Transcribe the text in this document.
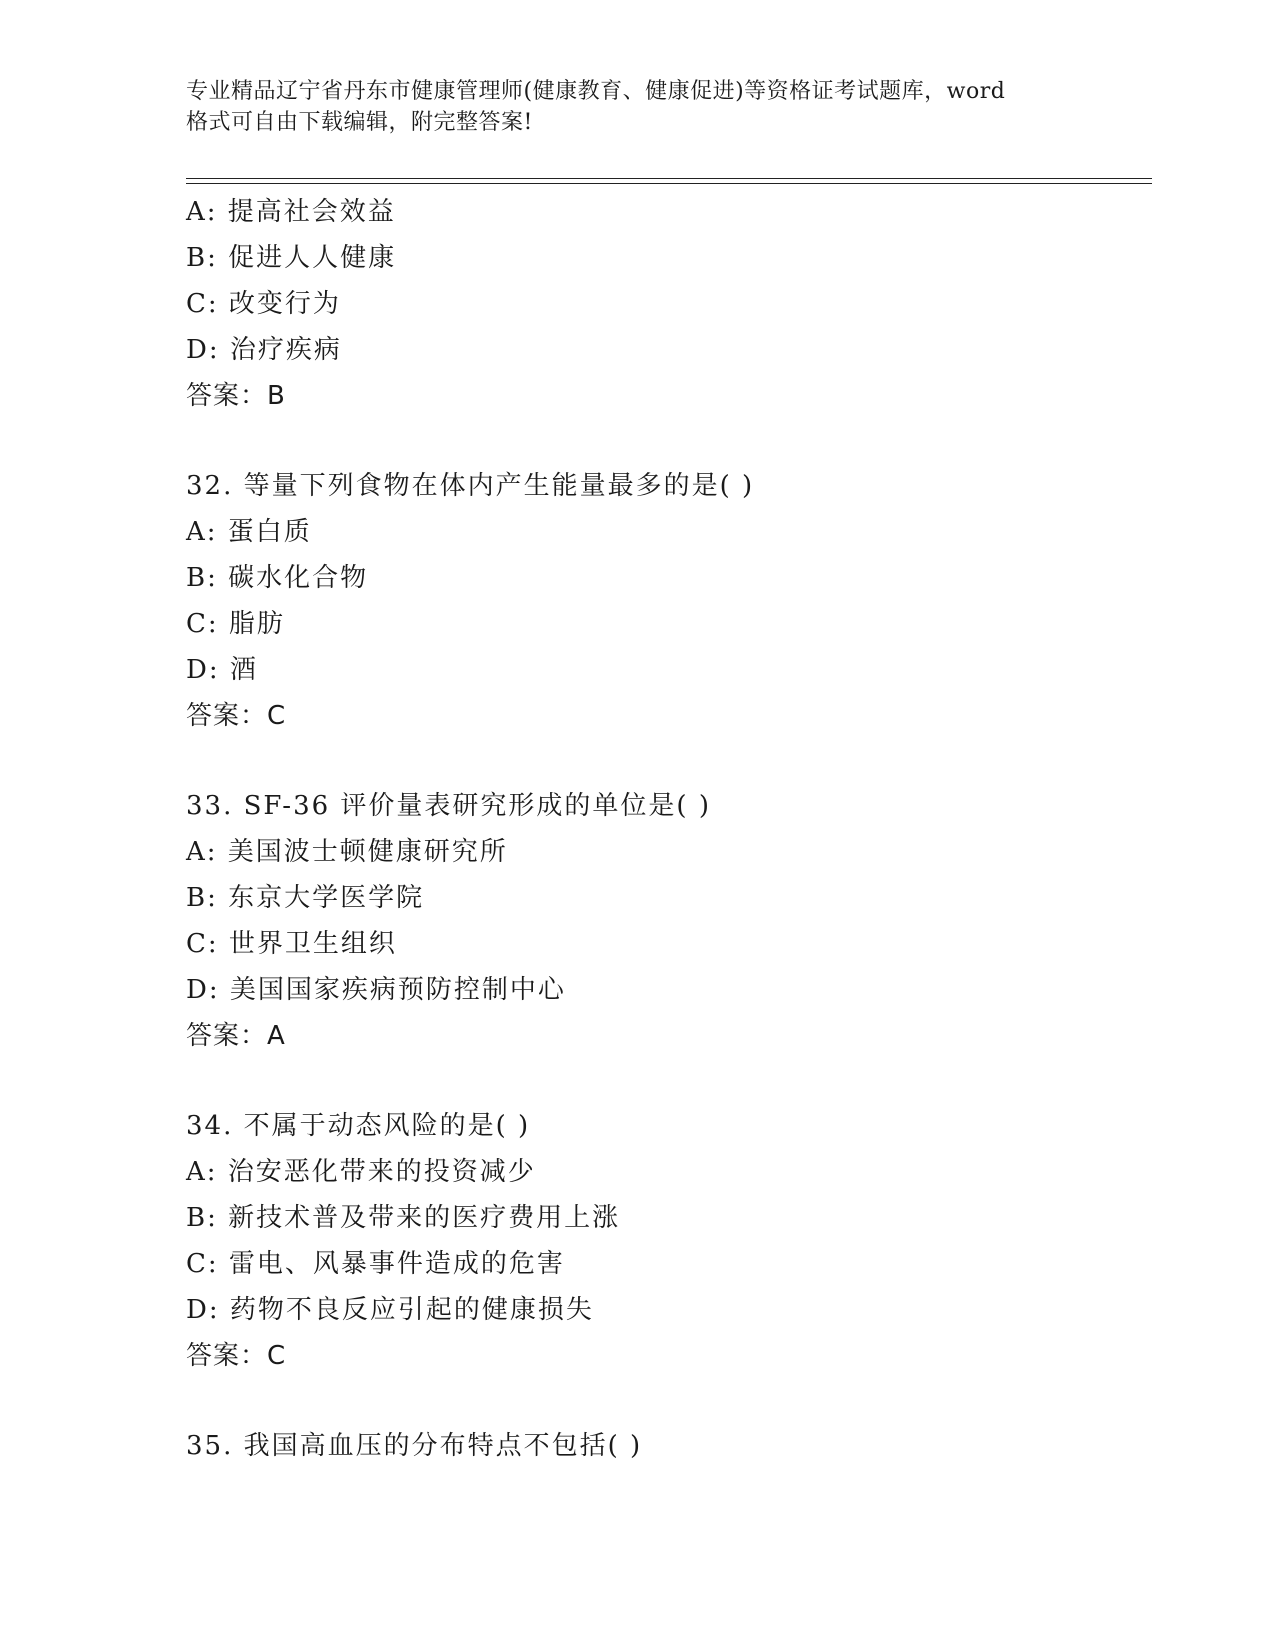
专业精品辽宁省丹东市健康管理师(健康教育、健康促进)等资格证考试题库，word
格式可自由下载编辑，附完整答案!
A: 提高社会效益
B: 促进人人健康
C: 改变行为
D: 治疗疾病
答案：B
32. 等量下列食物在体内产生能量最多的是( )
A: 蛋白质
B: 碳水化合物
C: 脂肪
D: 酒
答案：C
33. SF-36 评价量表研究形成的单位是( )
A: 美国波士顿健康研究所
B: 东京大学医学院
C: 世界卫生组织
D: 美国国家疾病预防控制中心
答案：A
34. 不属于动态风险的是( )
A: 治安恶化带来的投资减少
B: 新技术普及带来的医疗费用上涨
C: 雷电、风暴事件造成的危害
D: 药物不良反应引起的健康损失
答案：C
35. 我国高血压的分布特点不包括( )
